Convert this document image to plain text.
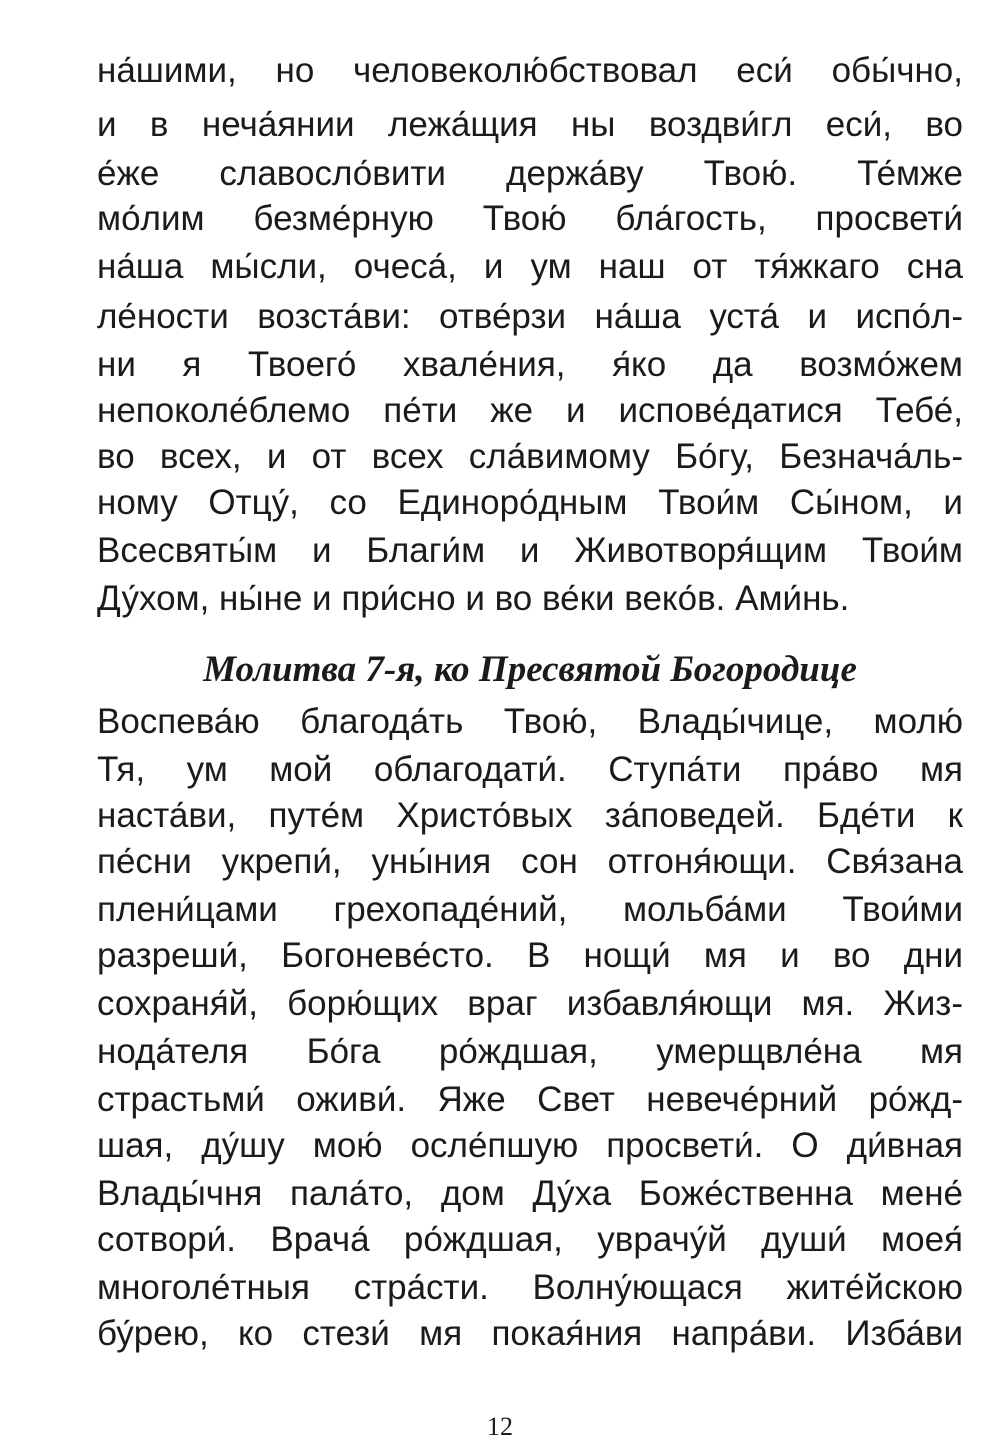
на́шими, но человеколю́бствовал еси́ обы́чно,
и в неча́янии лежа́щия ны воздви́гл еси́, во
е́же славосло́вити держа́ву Твою́. Те́мже
мо́лим безме́рную Твою́ бла́гость, просвети́
на́ша мы́сли, очеса́, и ум наш от тя́жкаго сна
ле́ности возста́ви: отве́рзи на́ша уста́ и испо́л-
ни я Твоего́ хвале́ния, я́ко да возмо́жем
непоколе́блемо пе́ти же и испове́датися Тебе́,
во всех, и от всех сла́вимому Бо́гу, Безнача́ль-
ному Отцу́, со Единоро́дным Твои́м Сы́ном, и
Всесвяты́м и Благи́м и Животворя́щим Твои́м
Ду́хом, ны́не и при́сно и во ве́ки веко́в. Ами́нь.
Молитва 7-я, ко Пресвятой Богородице
Воспева́ю благода́ть Твою́, Влады́чице, молю́
Тя, ум мой облагодати́. Ступа́ти пра́во мя
наста́ви, путе́м Христо́вых за́поведей. Бде́ти к
пе́сни укрепи́, уны́ния сон отгоня́ющи. Свя́зана
плени́цами грехопаде́ний, мольба́ми Твои́ми
разреши́, Богоневе́сто. В нощи́ мя и во дни
сохраня́й, борю́щих враг избавля́ющи мя. Жиз-
нода́теля Бо́га ро́ждшая, умерщвле́на мя
страстьми́ оживи́. Яже Свет невече́рний ро́жд-
шая, ду́шу мою́ осле́пшую просвети́. О ди́вная
Влады́чня пала́то, дом Ду́ха Боже́ственна мене́
сотвори́. Врача́ ро́ждшая, уврачу́й души́ моея́
многоле́тныя стра́сти. Волну́ющася жите́йскою
бу́рею, ко стези́ мя покая́ния напра́ви. Изба́ви
12
